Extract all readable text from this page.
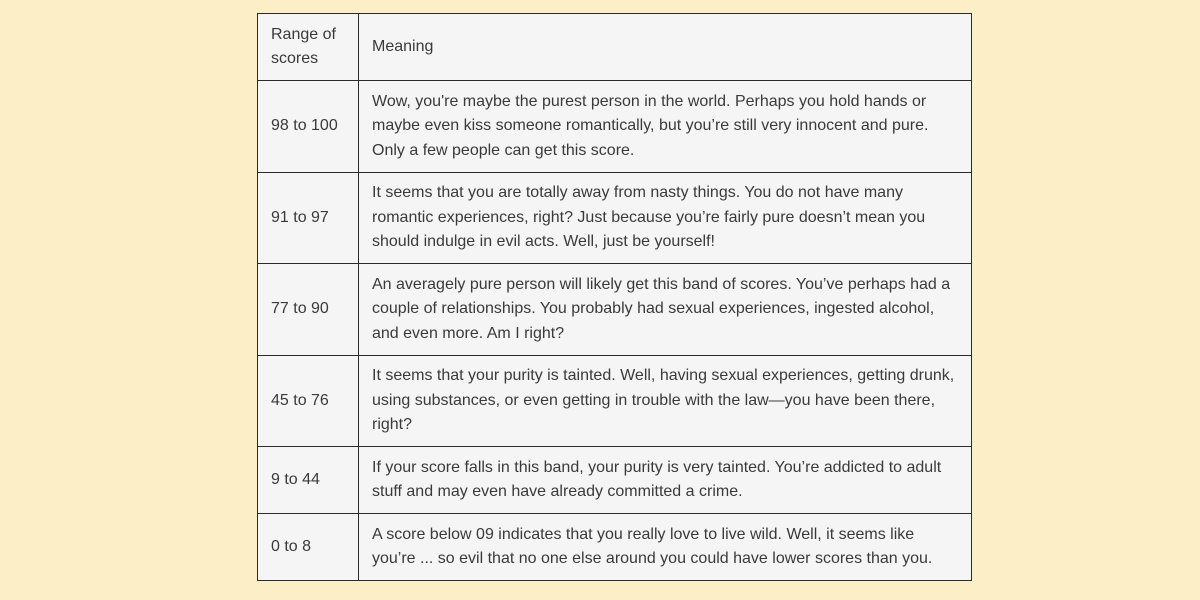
Range of scores	Meaning
98 to 100	Wow, you're maybe the purest person in the world. Perhaps you hold hands or maybe even kiss someone romantically, but you’re still very innocent and pure. Only a few people can get this score.
91 to 97	It seems that you are totally away from nasty things. You do not have many romantic experiences, right? Just because you’re fairly pure doesn’t mean you should indulge in evil acts. Well, just be yourself!
77 to 90	An averagely pure person will likely get this band of scores. You’ve perhaps had a couple of relationships. You probably had sexual experiences, ingested alcohol, and even more. Am I right?
45 to 76	It seems that your purity is tainted. Well, having sexual experiences, getting drunk, using substances, or even getting in trouble with the law—you have been there, right?
9 to 44	If your score falls in this band, your purity is very tainted. You’re addicted to adult stuff and may even have already committed a crime.
0 to 8	A score below 09 indicates that you really love to live wild. Well, it seems like you’re ... so evil that no one else around you could have lower scores than you.
